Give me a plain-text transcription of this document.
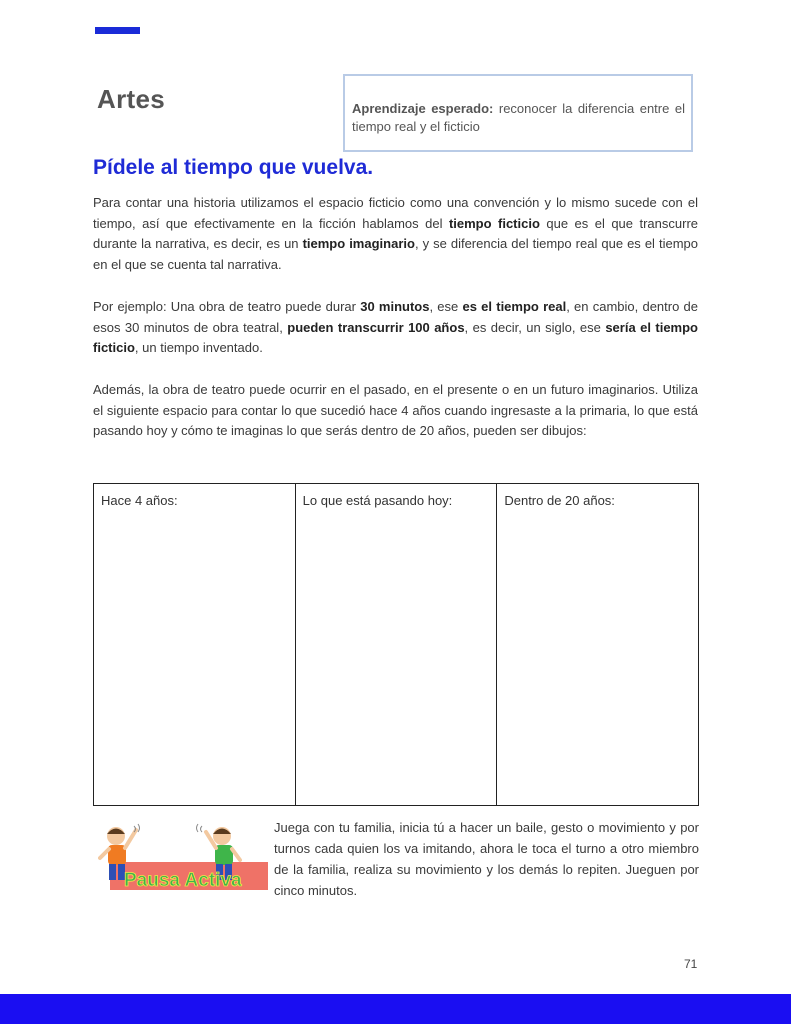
Artes	Aprendizaje esperado: reconocer la diferencia entre el tiempo real y el ficticio
Pídele al tiempo que vuelva.

Para contar una historia utilizamos el espacio ficticio como una convención y lo mismo sucede con el tiempo, así que efectivamente en la ficción hablamos del tiempo ficticio que es el que transcurre durante la narrativa, es decir, es un tiempo imaginario, y se diferencia del tiempo real que es el tiempo en el que se cuenta tal narrativa.

Por ejemplo: Una obra de teatro puede durar 30 minutos, ese es el tiempo real, en cambio, dentro de esos 30 minutos de obra teatral, pueden transcurrir 100 años, es decir, un siglo, ese sería el tiempo ficticio, un tiempo inventado.

Además, la obra de teatro puede ocurrir en el pasado, en el presente o en un futuro imaginarios. Utiliza el siguiente espacio para contar lo que sucedió hace 4 años cuando ingresaste a la primaria, lo que está pasando hoy y cómo te imaginas lo que serás dentro de 20 años, pueden ser dibujos:

Hace 4 años:	Lo que está pasando hoy:	Dentro de 20 años:
Pausa Activa

Juega con tu familia, inicia tú a hacer un baile, gesto o movimiento y por turnos cada quien los va imitando, ahora le toca el turno a otro miembro de la familia, realiza su movimiento y los demás lo repiten. Jueguen por cinco minutos.

71
